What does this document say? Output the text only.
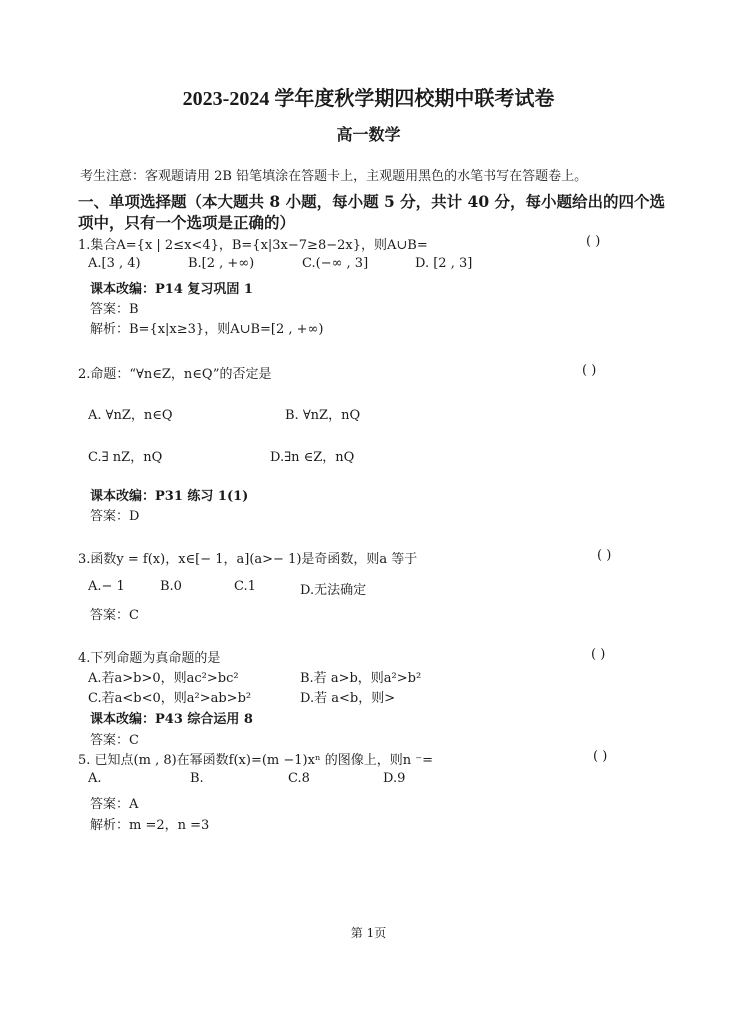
2023-2024 学年度秋学期四校期中联考试卷
高一数学
考生注意：客观题请用 2B 铅笔填涂在答题卡上，主观题用黑色的水笔书写在答题卷上。
一、单项选择题（本大题共 8 小题，每小题 5 分，共计 40 分，每小题给出的四个选
项中，只有一个选项是正确的）
1.集合A={x | 2≤x<4}，B={x|3x−7≥8−2x}，则A∪B=	( )
A.[3 , 4)	B.[2 , +∞)	C.(−∞ , 3]	D. [2 , 3]
课本改编：P14 复习巩固 1
答案：B
解析：B={x|x≥3}，则A∪B=[2 , +∞)
2.命题：“∀n∈Z，n∈Q”的否定是	( )
A. ∀nZ，n∈Q	B. ∀nZ，nQ
C.∃ nZ，nQ	D.∃n ∈Z，nQ
课本改编：P31 练习 1(1)
答案：D
3.函数y = f(x)，x∈[− 1，a](a>− 1)是奇函数，则a 等于	( )
A.− 1	B.0	C.1	D.无法确定
答案：C
4.下列命题为真命题的是	( )
A.若a>b>0，则ac²>bc²	B.若 a>b，则a²>b²
C.若a<b<0，则a²>ab>b²	D.若 a<b，则>
课本改编：P43 综合运用 8
答案：C
5. 已知点(m , 8)在幂函数f(x)=(m −1)xⁿ 的图像上，则n ⁻=	( )
A.	B.	C.8	D.9
答案：A
解析：m =2，n =3
第 1页
